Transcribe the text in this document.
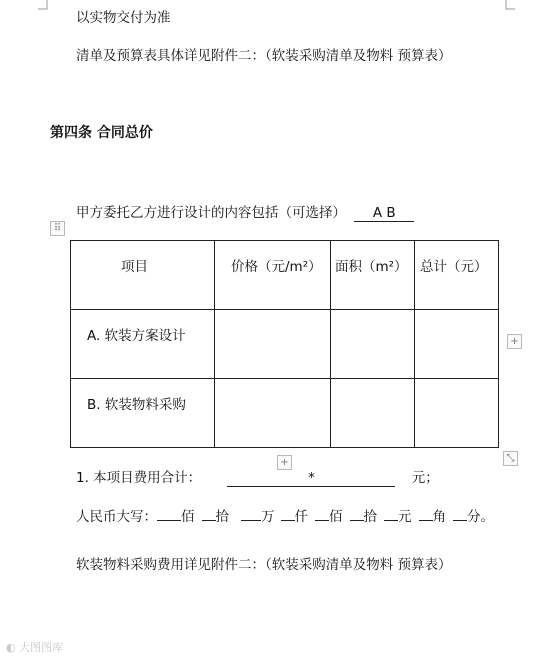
以实物交付为准
清单及预算表具体详见附件二：（软装采购清单及物料 预算表）
第四条 合同总价
甲方委托乙方进行设计的内容包括（可选择） A B
⠿
项目	价格（元/m²）	面积（m²）	总计（元）

A. 软装方案设计			

B. 软装物料采购			

+
+	⤡
1. 本项目费用合计：	*	元；
人民币大写： 佰 拾 万 仟 佰 拾 元 角 分。
软装物料采购费用详见附件二：（软装采购清单及物料 预算表）
◐ 大图图库
